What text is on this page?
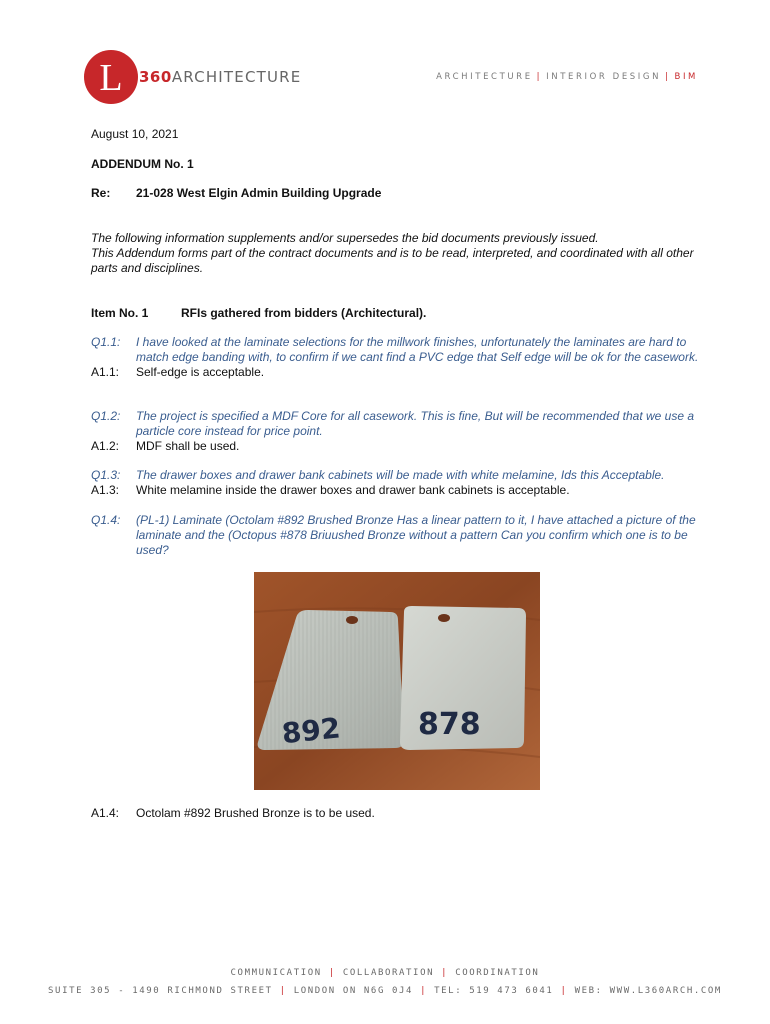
L 360ARCHITECTURE	ARCHITECTURE | INTERIOR DESIGN | BIM
August 10, 2021
ADDENDUM No. 1
Re: 21-028 West Elgin Admin Building Upgrade
The following information supplements and/or supersedes the bid documents previously issued.
This Addendum forms part of the contract documents and is to be read, interpreted, and coordinated with all other parts and disciplines.
Item No. 1	RFIs gathered from bidders (Architectural).
Q1.1:	I have looked at the laminate selections for the millwork finishes, unfortunately the laminates are hard to match edge banding with, to confirm if we cant find a PVC edge that Self edge will be ok for the casework.
A1.1:	Self-edge is acceptable.
Q1.2:	The project is specified a MDF Core for all casework. This is fine, But will be recommended that we use a particle core instead for price point.
A1.2:	MDF shall be used.
Q1.3:	The drawer boxes and drawer bank cabinets will be made with white melamine, Ids this Acceptable.
A1.3:	White melamine inside the drawer boxes and drawer bank cabinets is acceptable.
Q1.4:	(PL-1) Laminate (Octolam #892 Brushed Bronze Has a linear pattern to it, I have attached a picture of the laminate and the (Octopus #878 Briuushed Bronze without a pattern Can you confirm which one is to be used?
892	878
A1.4:	Octolam #892 Brushed Bronze is to be used.
COMMUNICATION | COLLABORATION | COORDINATION
SUITE 305 - 1490 RICHMOND STREET | LONDON ON N6G 0J4 | TEL: 519 473 6041 | WEB: WWW.L360ARCH.COM
